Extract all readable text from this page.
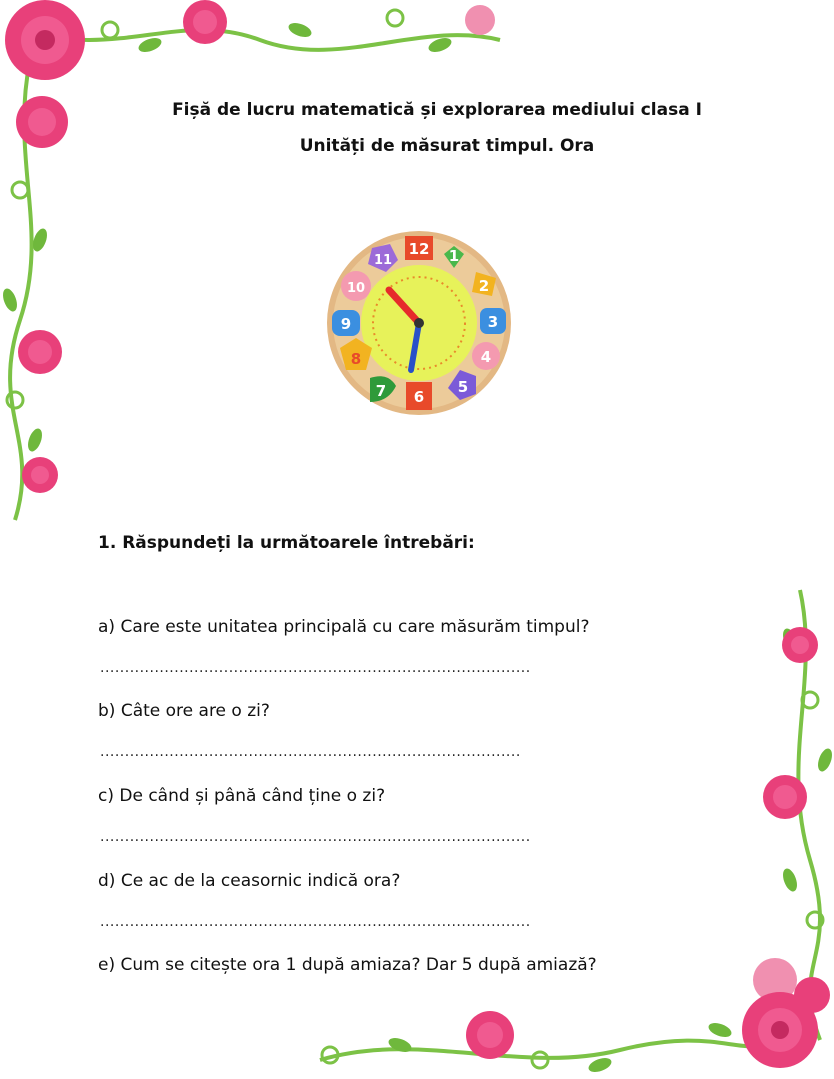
Fișă de lucru matematică și explorarea mediului clasa I
Unități de măsurat timpul. Ora
12 1
2
3
4
5
6
7
8
9
10
11
1. Răspundeți la următoarele întrebări:
a) Care este unitatea principală cu care măsurăm timpul?
.......................................................................................
b) Câte ore are o zi?
.....................................................................................
c) De când și până când ține o zi?
.......................................................................................
d) Ce ac de la ceasornic indică ora?
.......................................................................................
e) Cum se citește ora 1 după amiaza? Dar 5 după amiază?
